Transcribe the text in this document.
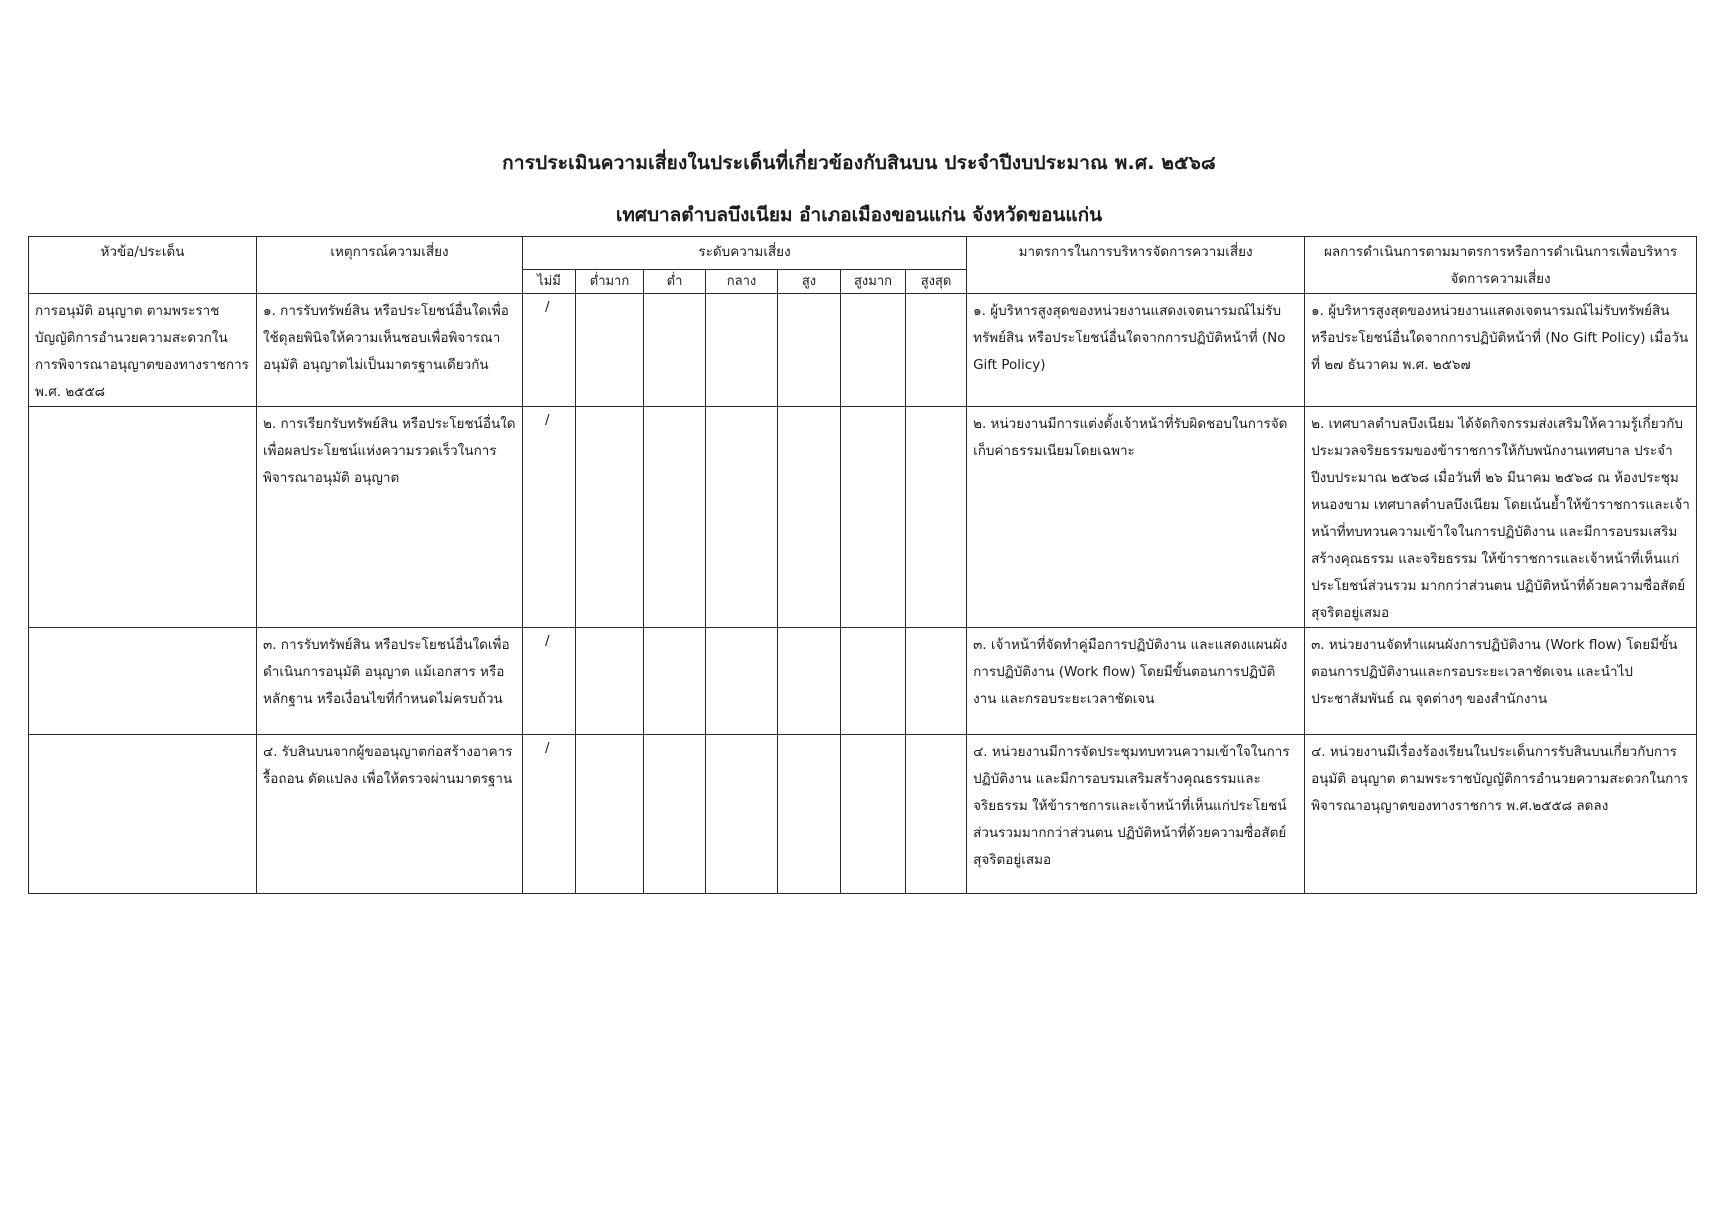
การประเมินความเสี่ยงในประเด็นที่เกี่ยวข้องกับสินบน ประจำปีงบประมาณ พ.ศ. ๒๕๖๘
เทศบาลตำบลบึงเนียม อำเภอเมืองขอนแก่น จังหวัดขอนแก่น
หัวข้อ/ประเด็น	เหตุการณ์ความเสี่ยง	ระดับความเสี่ยง							มาตรการในการบริหารจัดการความเสี่ยง	ผลการดำเนินการตามมาตรการหรือการดำเนินการเพื่อบริหารจัดการความเสี่ยง
		ไม่มี	ต่ำมาก	ต่ำ	กลาง	สูง	สูงมาก	สูงสุด		

การอนุมัติ อนุญาต ตามพระราชบัญญัติการอำนวยความสะดวกในการพิจารณาอนุญาตของทางราชการ พ.ศ. ๒๕๕๘	๑. การรับทรัพย์สิน หรือประโยชน์อื่นใดเพื่อใช้ดุลยพินิจให้ความเห็นชอบเพื่อพิจารณาอนุมัติ อนุญาตไม่เป็นมาตรฐานเดียวกัน	/							๑. ผู้บริหารสูงสุดของหน่วยงานแสดงเจตนารมณ์ไม่รับทรัพย์สิน หรือประโยชน์อื่นใดจากการปฏิบัติหน้าที่ (No Gift Policy)	๑. ผู้บริหารสูงสุดของหน่วยงานแสดงเจตนารมณ์ไม่รับทรัพย์สิน หรือประโยชน์อื่นใดจากการปฏิบัติหน้าที่ (No Gift Policy) เมื่อวันที่ ๒๗ ธันวาคม พ.ศ. ๒๕๖๗

	๒. การเรียกรับทรัพย์สิน หรือประโยชน์อื่นใด เพื่อผลประโยชน์แห่งความรวดเร็วในการพิจารณาอนุมัติ อนุญาต	/							๒. หน่วยงานมีการแต่งตั้งเจ้าหน้าที่รับผิดชอบในการจัดเก็บค่าธรรมเนียมโดยเฉพาะ	๒. เทศบาลตำบลบึงเนียม ได้จัดกิจกรรมส่งเสริมให้ความรู้เกี่ยวกับประมวลจริยธรรมของข้าราชการให้กับพนักงานเทศบาล ประจำปีงบประมาณ ๒๕๖๘ เมื่อวันที่ ๒๖ มีนาคม ๒๕๖๘ ณ ห้องประชุมหนองขาม เทศบาลตำบลบึงเนียม โดยเน้นย้ำให้ข้าราชการและเจ้าหน้าที่ทบทวนความเข้าใจในการปฏิบัติงาน และมีการอบรมเสริมสร้างคุณธรรม และจริยธรรม ให้ข้าราชการและเจ้าหน้าที่เห็นแก่ประโยชน์ส่วนรวม มากกว่าส่วนตน ปฏิบัติหน้าที่ด้วยความซื่อสัตย์สุจริตอยู่เสมอ

	๓. การรับทรัพย์สิน หรือประโยชน์อื่นใดเพื่อดำเนินการอนุมัติ อนุญาต แม้เอกสาร หรือหลักฐาน หรือเงื่อนไขที่กำหนดไม่ครบถ้วน	/							๓. เจ้าหน้าที่จัดทำคู่มือการปฏิบัติงาน และแสดงแผนผังการปฏิบัติงาน (Work flow) โดยมีขั้นตอนการปฏิบัติงาน และกรอบระยะเวลาชัดเจน	๓. หน่วยงานจัดทำแผนผังการปฏิบัติงาน (Work flow) โดยมีขั้นตอนการปฏิบัติงานและกรอบระยะเวลาชัดเจน และนำไปประชาสัมพันธ์ ณ จุดต่างๆ ของสำนักงาน

	๔. รับสินบนจากผู้ขออนุญาตก่อสร้างอาคาร รื้อถอน ดัดแปลง เพื่อให้ตรวจผ่านมาตรฐาน	/							๔. หน่วยงานมีการจัดประชุมทบทวนความเข้าใจในการปฏิบัติงาน และมีการอบรมเสริมสร้างคุณธรรมและจริยธรรม ให้ข้าราชการและเจ้าหน้าที่เห็นแก่ประโยชน์ส่วนรวมมากกว่าส่วนตน ปฏิบัติหน้าที่ด้วยความซื่อสัตย์สุจริตอยู่เสมอ	๔. หน่วยงานมีเรื่องร้องเรียนในประเด็นการรับสินบนเกี่ยวกับการอนุมัติ อนุญาต ตามพระราชบัญญัติการอำนวยความสะดวกในการพิจารณาอนุญาตของทางราชการ พ.ศ.๒๕๕๘ ลดลง
